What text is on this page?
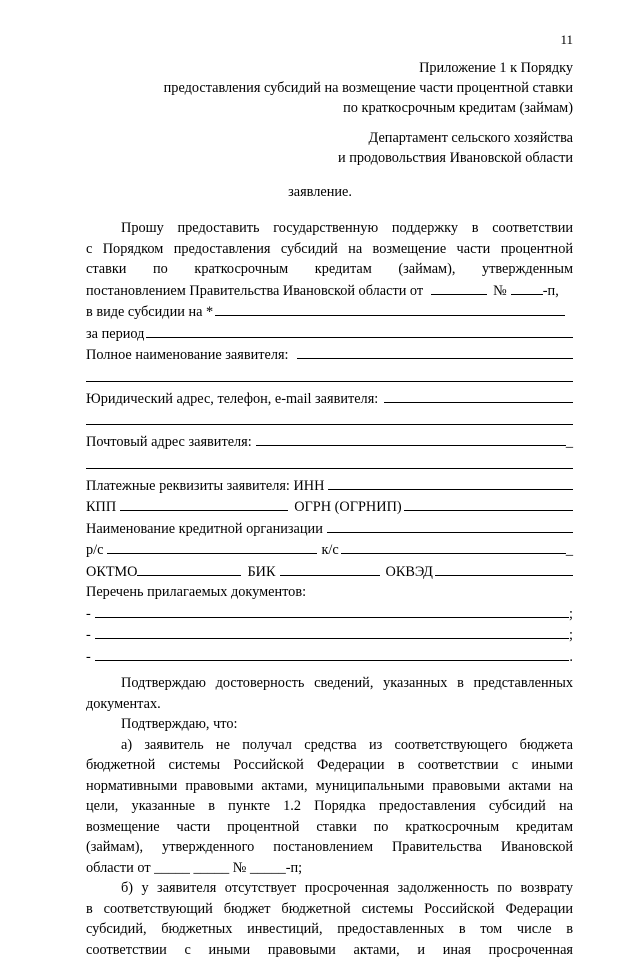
11
Приложение 1 к Порядку
предоставления субсидий на возмещение части процентной ставки
по краткосрочным кредитам (займам)
Департамент сельского хозяйства
и продовольствия Ивановской области
заявление.
Прошу предоставить государственную поддержку в соответствии
с Порядком предоставления субсидий на возмещение части процентной
ставки по краткосрочным кредитам (займам), утвержденным
постановлением Правительства Ивановской области от	№	-п,
в виде субсидии на *
за период
Полное наименование заявителя:
Юридический адрес, телефон, e-mail заявителя:
Почтовый адрес заявителя:	_
Платежные реквизиты заявителя: ИНН
КПП	ОГРН (ОГРНИП)
Наименование кредитной организации
р/с	к/с	_
ОКТМО	БИК	ОКВЭД
Перечень прилагаемых документов:
-	;
-	;
-	.
Подтверждаю достоверность сведений, указанных в представленных
документах.
Подтверждаю, что:
а) заявитель не получал средства из соответствующего бюджета
бюджетной системы Российской Федерации в соответствии с иными
нормативными правовыми актами, муниципальными правовыми актами на
цели, указанные в пункте 1.2 Порядка предоставления субсидий на
возмещение части процентной ставки по краткосрочным кредитам
(займам), утвержденного постановлением Правительства Ивановской
области от _____ _____ № _____-п;
б) у заявителя отсутствует просроченная задолженность по возврату
в соответствующий бюджет бюджетной системы Российской Федерации
субсидий, бюджетных инвестиций, предоставленных в том числе в
соответствии с иными правовыми актами, и иная просроченная
